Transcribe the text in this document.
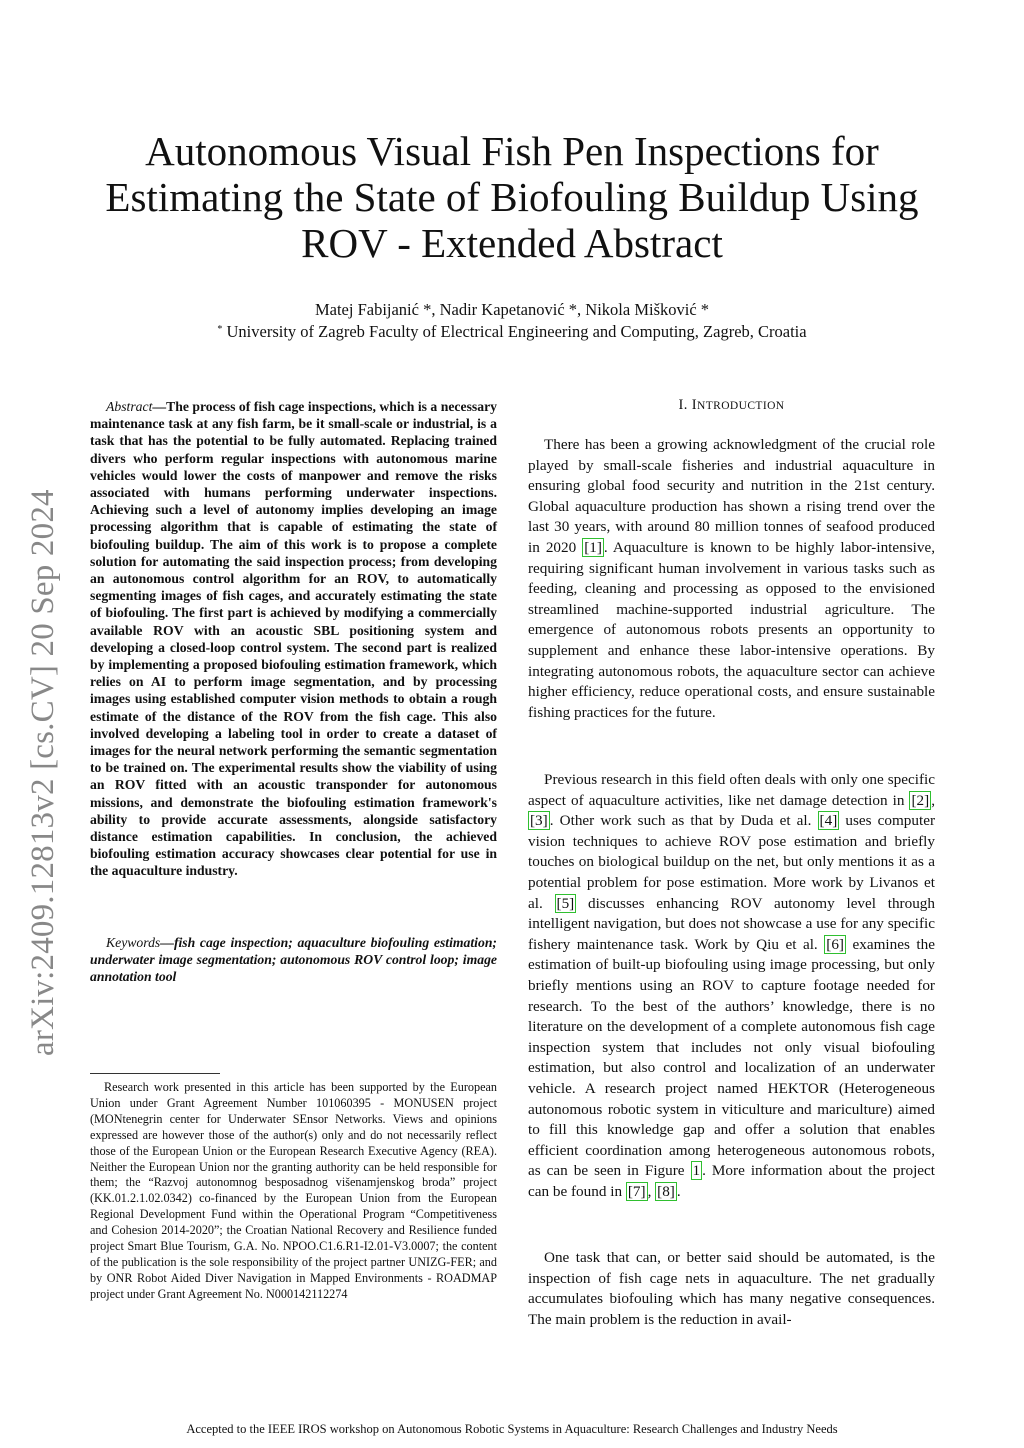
Autonomous Visual Fish Pen Inspections for Estimating the State of Biofouling Buildup Using ROV - Extended Abstract
Matej Fabijanić *, Nadir Kapetanović *, Nikola Mišković *
* University of Zagreb Faculty of Electrical Engineering and Computing, Zagreb, Croatia
arXiv:2409.12813v2 [cs.CV] 20 Sep 2024

Abstract—The process of fish cage inspections, which is a necessary maintenance task at any fish farm, be it small-scale or industrial, is a task that has the potential to be fully automated. Replacing trained divers who perform regular inspections with autonomous marine vehicles would lower the costs of manpower and remove the risks associated with humans performing underwater inspections. Achieving such a level of autonomy implies developing an image processing algorithm that is capable of estimating the state of biofouling buildup. The aim of this work is to propose a complete solution for automating the said inspection process; from developing an autonomous control algorithm for an ROV, to automatically segmenting images of fish cages, and accurately estimating the state of biofouling. The first part is achieved by modifying a commercially available ROV with an acoustic SBL positioning system and developing a closed-loop control system. The second part is realized by implementing a proposed biofouling estimation framework, which relies on AI to perform image segmentation, and by processing images using established computer vision methods to obtain a rough estimate of the distance of the ROV from the fish cage. This also involved developing a labeling tool in order to create a dataset of images for the neural network performing the semantic segmentation to be trained on. The experimental results show the viability of using an ROV fitted with an acoustic transponder for autonomous missions, and demonstrate the biofouling estimation framework's ability to provide accurate assessments, alongside satisfactory distance estimation capabilities. In conclusion, the achieved biofouling estimation accuracy showcases clear potential for use in the aquaculture industry.

Keywords—fish cage inspection; aquaculture biofouling estimation; underwater image segmentation; autonomous ROV control loop; image annotation tool

Research work presented in this article has been supported by the European Union under Grant Agreement Number 101060395 - MONUSEN project (MONtenegrin center for Underwater SEnsor Networks. Views and opinions expressed are however those of the author(s) only and do not necessarily reflect those of the European Union or the European Research Executive Agency (REA). Neither the European Union nor the granting authority can be held responsible for them; the “Razvoj autonomnog besposadnog višenamjenskog broda” project (KK.01.2.1.02.0342) co-financed by the European Union from the European Regional Development Fund within the Operational Program “Competitiveness and Cohesion 2014-2020”; the Croatian National Recovery and Resilience funded project Smart Blue Tourism, G.A. No. NPOO.C1.6.R1-I2.01-V3.0007; the content of the publication is the sole responsibility of the project partner UNIZG-FER; and by ONR Robot Aided Diver Navigation in Mapped Environments - ROADMAP project under Grant Agreement No. N000142112274

I. INTRODUCTION

There has been a growing acknowledgment of the crucial role played by small-scale fisheries and industrial aquaculture in ensuring global food security and nutrition in the 21st century. Global aquaculture production has shown a rising trend over the last 30 years, with around 80 million tonnes of seafood produced in 2020 [1] . Aquaculture is known to be highly labor-intensive, requiring significant human involvement in various tasks such as feeding, cleaning and processing as opposed to the envisioned streamlined machine-supported industrial agriculture. The emergence of autonomous robots presents an opportunity to supplement and enhance these labor-intensive operations. By integrating autonomous robots, the aquaculture sector can achieve higher efficiency, reduce operational costs, and ensure sustainable fishing practices for the future.

Previous research in this field often deals with only one specific aspect of aquaculture activities, like net damage detection in [2] , [3] . Other work such as that by Duda et al. [4] uses computer vision techniques to achieve ROV pose estimation and briefly touches on biological buildup on the net, but only mentions it as a potential problem for pose estimation. More work by Livanos et al. [5] discusses enhancing ROV autonomy level through intelligent navigation, but does not showcase a use for any specific fishery maintenance task. Work by Qiu et al. [6] examines the estimation of built-up biofouling using image processing, but only briefly mentions using an ROV to capture footage needed for research. To the best of the authors’ knowledge, there is no literature on the development of a complete autonomous fish cage inspection system that includes not only visual biofouling estimation, but also control and localization of an underwater vehicle. A research project named HEKTOR (Heterogeneous autonomous robotic system in viticulture and mariculture) aimed to fill this knowledge gap and offer a solution that enables efficient coordination among heterogeneous autonomous robots, as can be seen in Figure 1 . More information about the project can be found in [7] , [8] .

One task that can, or better said should be automated, is the inspection of fish cage nets in aquaculture. The net gradually accumulates biofouling which has many negative consequences. The main problem is the reduction in avail-

Accepted to the IEEE IROS workshop on Autonomous Robotic Systems in Aquaculture: Research Challenges and Industry Needs
